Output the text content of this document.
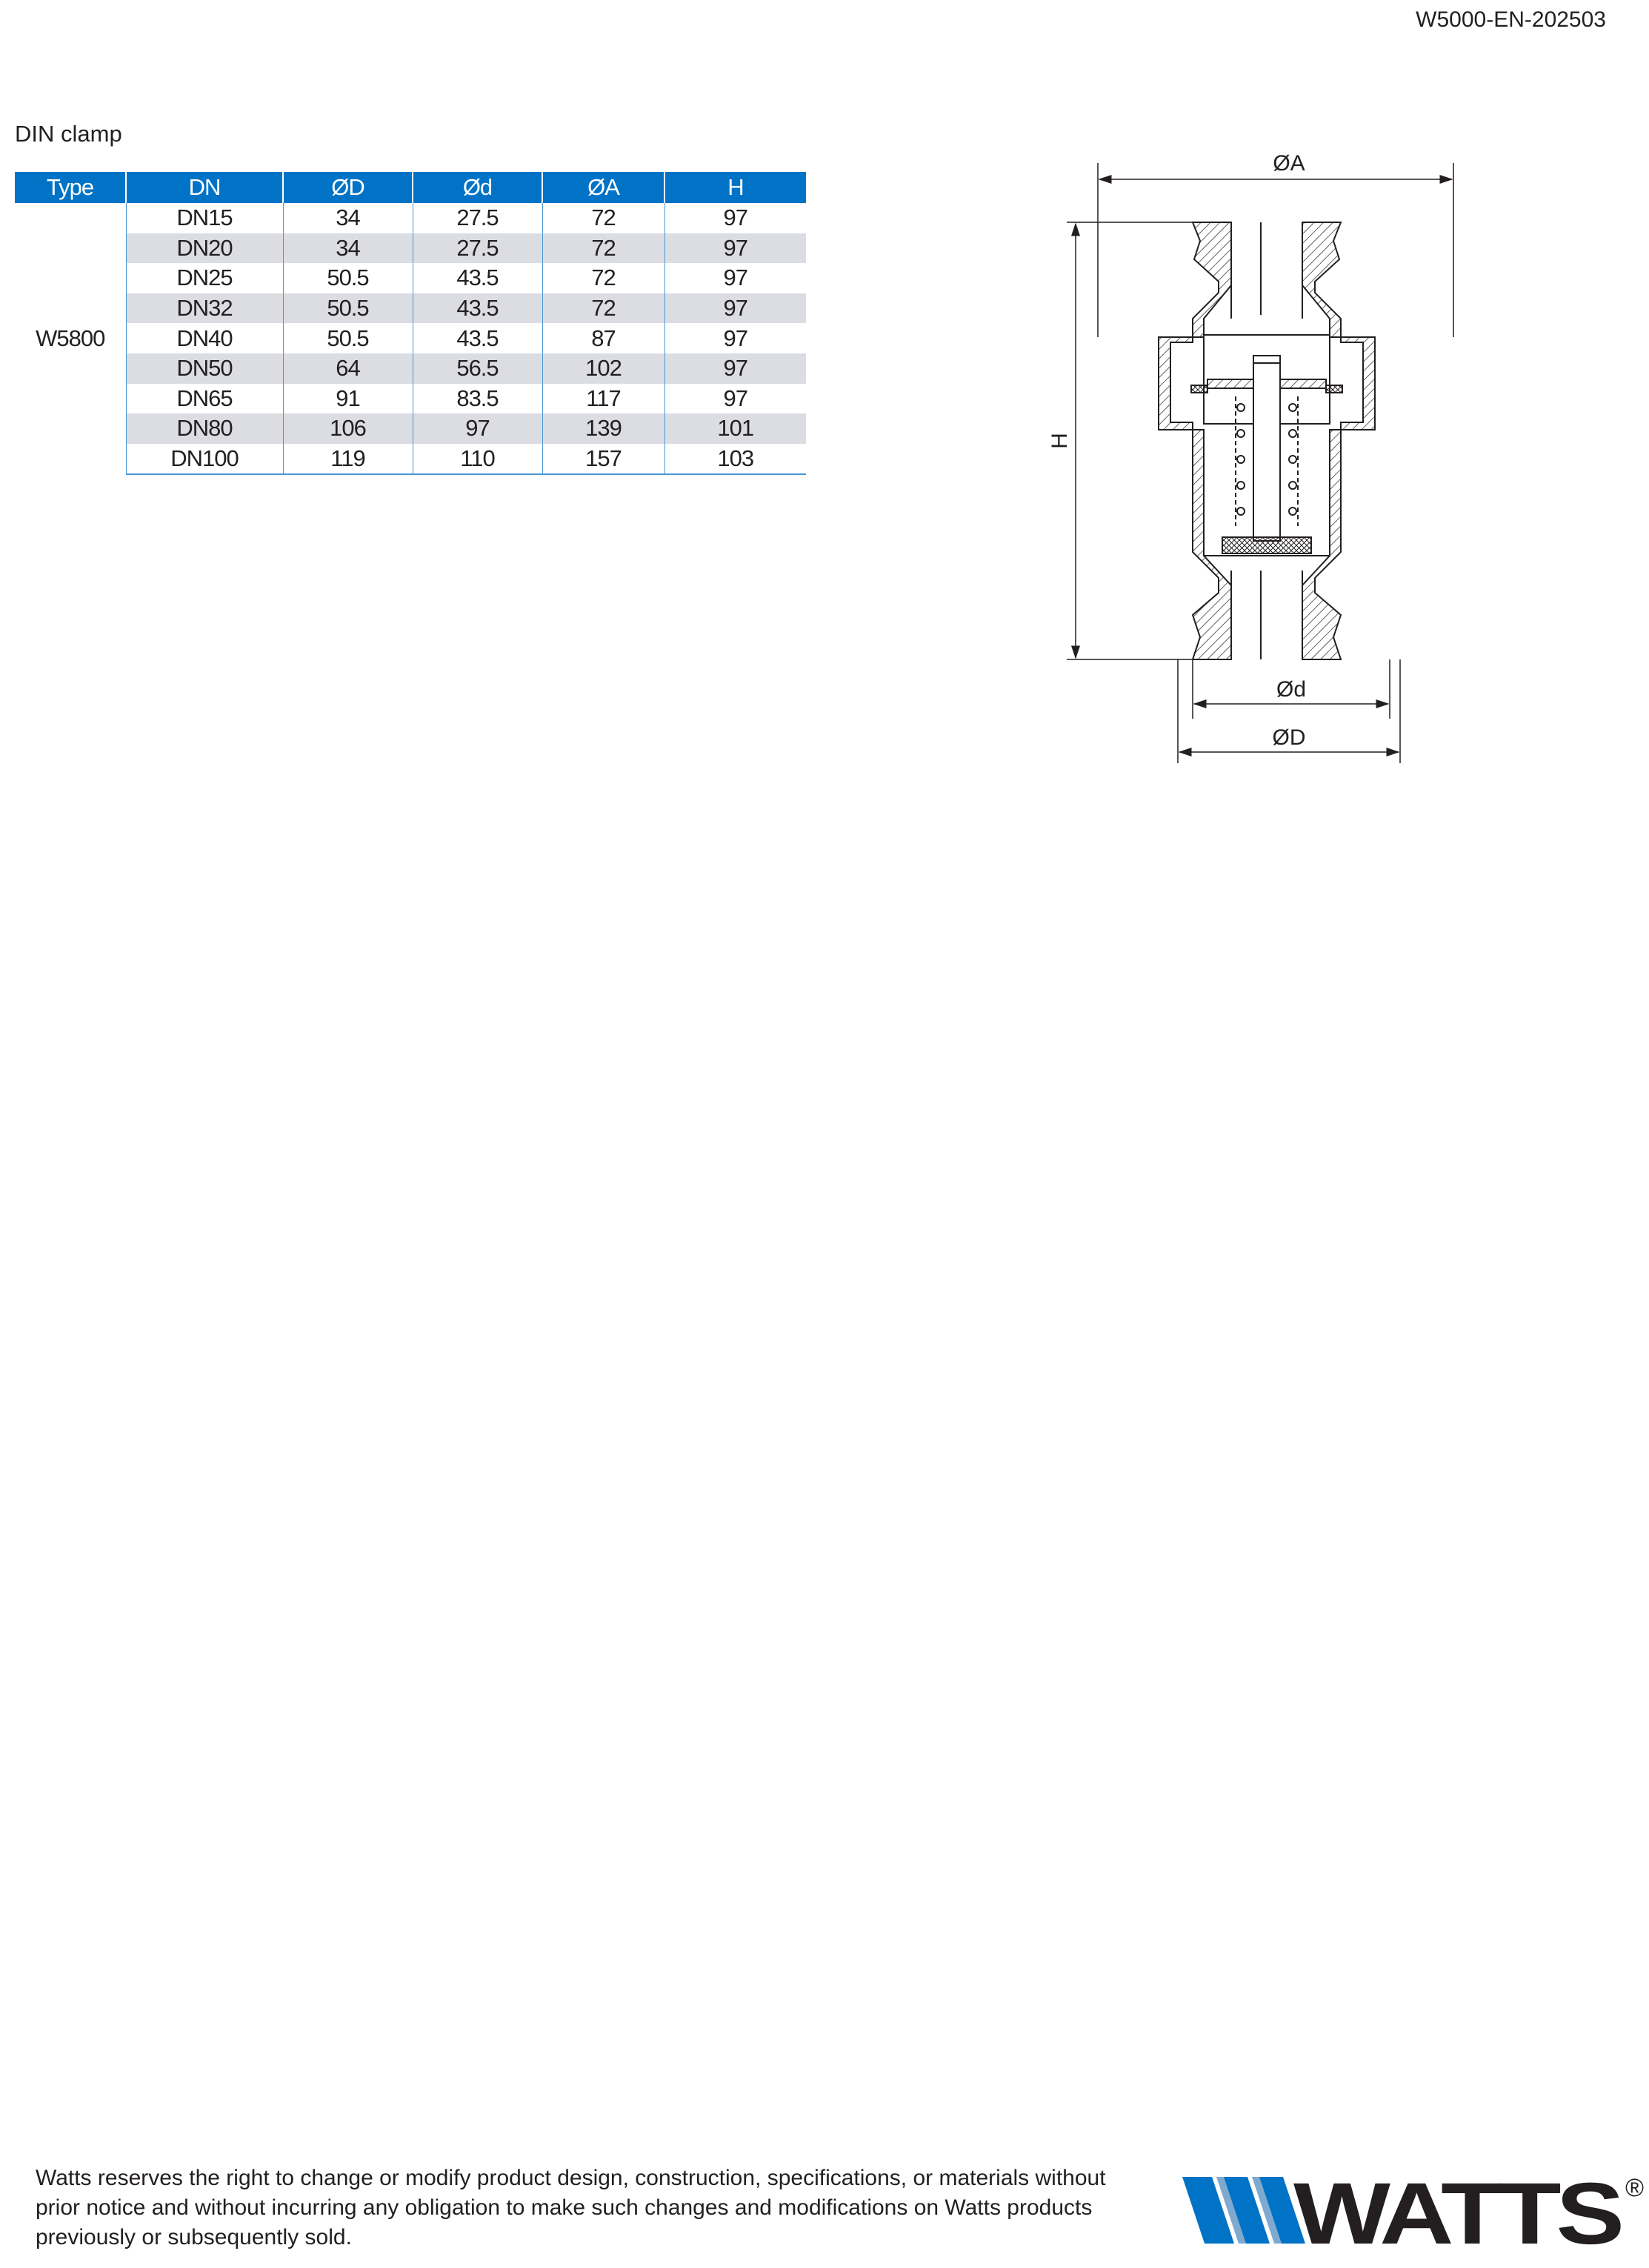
W5000-EN-202503
DIN clamp
Type	DN	ØD	Ød	ØA	H
W5800	DN15	34	27.5	72	97
	DN20	34	27.5	72	97
	DN25	50.5	43.5	72	97
	DN32	50.5	43.5	72	97
	DN40	50.5	43.5	87	97
	DN50	64	56.5	102	97
	DN65	91	83.5	117	97
	DN80	106	97	139	101
	DN100	119	110	157	103
ØA
H
Ød
ØD
Watts reserves the right to change or modify product design, construction, specifications, or materials without prior notice and without incurring any obligation to make such changes and modifications on Watts products previously or subsequently sold.	WATTS ®
